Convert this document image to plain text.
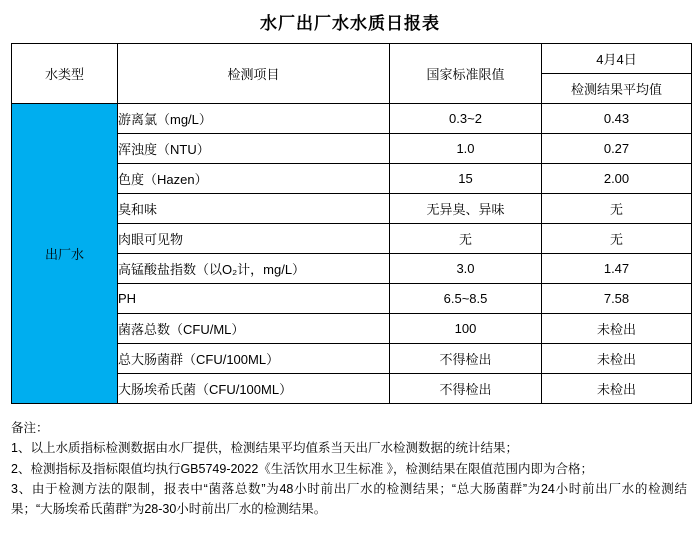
水厂出厂水水质日报表
水类型	检测项目	国家标准限值	4月4日
			检测结果平均值
出厂水	游离氯（mg/L）	0.3~2	0.43
	浑浊度（NTU）	1.0	0.27
	色度（Hazen）	15	2.00
	臭和味	无异臭、异味	无
	肉眼可见物	无	无
	高锰酸盐指数（以O₂计，mg/L）	3.0	1.47
	PH	6.5~8.5	7.58
	菌落总数（CFU/ML）	100	未检出
	总大肠菌群（CFU/100ML）	不得检出	未检出
	大肠埃希氏菌（CFU/100ML）	不得检出	未检出

备注：

1、以上水质指标检测数据由水厂提供，检测结果平均值系当天出厂水检测数据的统计结果；

2、检测指标及指标限值均执行GB5749-2022《生活饮用水卫生标准 》，检测结果在限值范围内即为合格；

3、由于检测方法的限制，报表中“菌落总数”为48小时前出厂水的检测结果；“总大肠菌群”为24小时前出厂水的检测结果；“大肠埃希氏菌群”为28-30小时前出厂水的检测结果。
